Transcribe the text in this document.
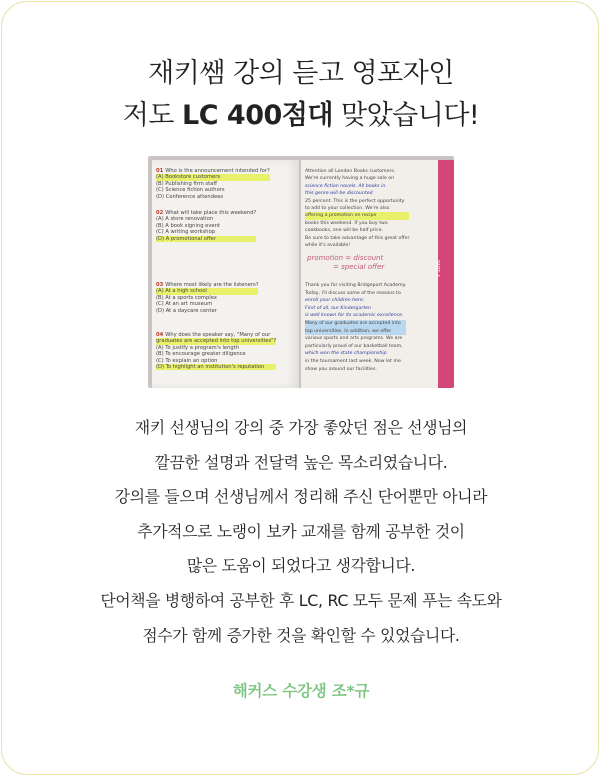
재키쌤 강의 듣고 영포자인
저도 LC 400점대 맞았습니다!
01 Who is the announcement intended for?
(A) Bookstore customers
(B) Publishing firm staff
(C) Science fiction authors
(D) Conference attendees
02 What will take place this weekend?
(A) A store renovation
(B) A book signing event
(C) A writing workshop
(D) A promotional offer
03 Where most likely are the listeners?
(A) At a high school
(B) At a sports complex
(C) At an art museum
(D) At a daycare center
04 Why does the speaker say, "Many of our
graduates are accepted into top universities"?
(A) To justify a program's length
(B) To encourage greater diligence
(C) To explain an option
(D) To highlight an institution's reputation
Attention all London Books customers.
We're currently having a huge sale on
science fiction novels. All books in
this genre will be discounted
25 percent. This is the perfect opportunity
to add to your collection. We're also
offering a promotion on recipe
books this weekend. If you buy two
cookbooks, one will be half price.
Be sure to take advantage of this great offer
while it's available!
promotion = discount
= special offer
Thank you for visiting Bridgeport Academy.
Today, I'll discuss some of the reasons to
enroll your children here.
First of all, our Kindergarten
is well known for its academic excellence.
Many of our graduates are accepted into
top universities. In addition, we offer
various sports and arts programs. We are
particularly proud of our basketball team,
which won the state championship
in the tournament last week. Now let me
show you around our facilities.
PART 4
재키 선생님의 강의 중 가장 좋았던 점은 선생님의
깔끔한 설명과 전달력 높은 목소리였습니다.
강의를 들으며 선생님께서 정리해 주신 단어뿐만 아니라
추가적으로 노랭이 보카 교재를 함께 공부한 것이
많은 도움이 되었다고 생각합니다.
단어책을 병행하여 공부한 후 LC, RC 모두 문제 푸는 속도와
점수가 함께 증가한 것을 확인할 수 있었습니다.
해커스 수강생 조*규
